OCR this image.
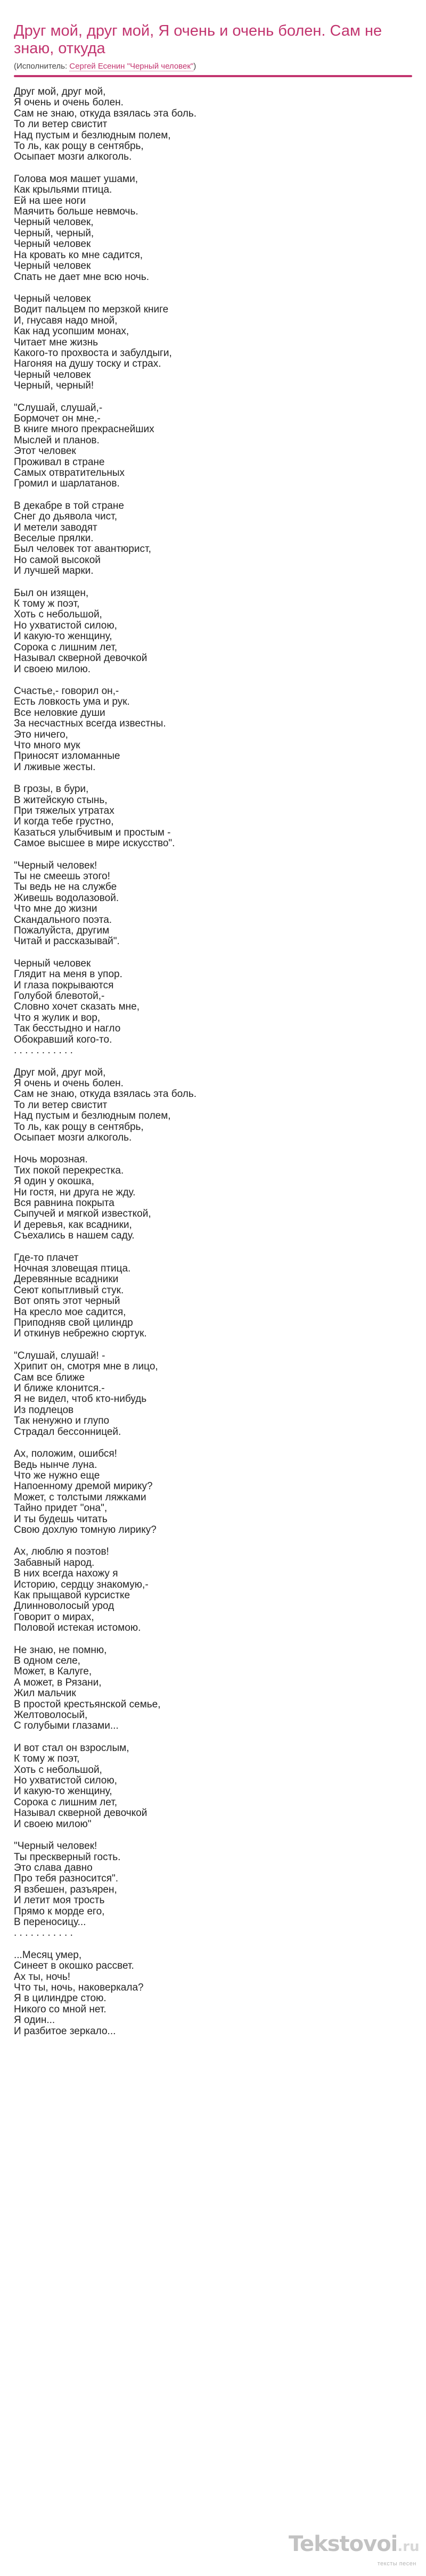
Друг мой, друг мой, Я очень и очень болен. Сам не знаю, откуда
(Исполнитель: Сергей Есенин "Черный человек")
Друг мой, друг мой,
Я очень и очень болен.
Сам не знаю, откуда взялась эта боль.
То ли ветер свистит
Над пустым и безлюдным полем,
То ль, как рощу в сентябрь,
Осыпает мозги алкоголь.
Голова моя машет ушами,
Как крыльями птица.
Ей на шее ноги
Маячить больше невмочь.
Черный человек,
Черный, черный,
Черный человек
На кровать ко мне садится,
Черный человек
Спать не дает мне всю ночь.
Черный человек
Водит пальцем по мерзкой книге
И, гнусавя надо мной,
Как над усопшим монах,
Читает мне жизнь
Какого-то прохвоста и забулдыги,
Нагоняя на душу тоску и страх.
Черный человек
Черный, черный!
"Слушай, слушай,-
Бормочет он мне,-
В книге много прекраснейших
Мыслей и планов.
Этот человек
Проживал в стране
Самых отвратительных
Громил и шарлатанов.
В декабре в той стране
Снег до дьявола чист,
И метели заводят
Веселые прялки.
Был человек тот авантюрист,
Но самой высокой
И лучшей марки.
Был он изящен,
К тому ж поэт,
Хоть с небольшой,
Но ухватистой силою,
И какую-то женщину,
Сорока с лишним лет,
Называл скверной девочкой
И своею милою.
Счастье,- говорил он,-
Есть ловкость ума и рук.
Все неловкие души
За несчастных всегда известны.
Это ничего,
Что много мук
Приносят изломанные
И лживые жесты.
В грозы, в бури,
В житейскую стынь,
При тяжелых утратах
И когда тебе грустно,
Казаться улыбчивым и простым -
Самое высшее в мире искусство".
"Черный человек!
Ты не смеешь этого!
Ты ведь не на службе
Живешь водолазовой.
Что мне до жизни
Скандального поэта.
Пожалуйста, другим
Читай и рассказывай".
Черный человек
Глядит на меня в упор.
И глаза покрываются
Голубой блевотой,-
Словно хочет сказать мне,
Что я жулик и вор,
Так бесстыдно и нагло
Обокравший кого-то.
. . . . . . . . . . .
Друг мой, друг мой,
Я очень и очень болен.
Сам не знаю, откуда взялась эта боль.
То ли ветер свистит
Над пустым и безлюдным полем,
То ль, как рощу в сентябрь,
Осыпает мозги алкоголь.
Ночь морозная.
Тих покой перекрестка.
Я один у окошка,
Ни гостя, ни друга не жду.
Вся равнина покрыта
Сыпучей и мягкой известкой,
И деревья, как всадники,
Съехались в нашем саду.
Где-то плачет
Ночная зловещая птица.
Деревянные всадники
Сеют копытливый стук.
Вот опять этот черный
На кресло мое садится,
Приподняв свой цилиндр
И откинув небрежно сюртук.
"Слушай, слушай! -
Хрипит он, смотря мне в лицо,
Сам все ближе
И ближе клонится.-
Я не видел, чтоб кто-нибудь
Из подлецов
Так ненужно и глупо
Страдал бессонницей.
Ах, положим, ошибся!
Ведь нынче луна.
Что же нужно еще
Напоенному дремой мирику?
Может, с толстыми ляжками
Тайно придет "она",
И ты будешь читать
Свою дохлую томную лирику?
Ах, люблю я поэтов!
Забавный народ.
В них всегда нахожу я
Историю, сердцу знакомую,-
Как прыщавой курсистке
Длинноволосый урод
Говорит о мирах,
Половой истекая истомою.
Не знаю, не помню,
В одном селе,
Может, в Калуге,
А может, в Рязани,
Жил мальчик
В простой крестьянской семье,
Желтоволосый,
С голубыми глазами...
И вот стал он взрослым,
К тому ж поэт,
Хоть с небольшой,
Но ухватистой силою,
И какую-то женщину,
Сорока с лишним лет,
Называл скверной девочкой
И своею милою"
"Черный человек!
Ты прескверный гость.
Это слава давно
Про тебя разносится".
Я взбешен, разъярен,
И летит моя трость
Прямо к морде его,
В переносицу...
. . . . . . . . . . .
...Месяц умер,
Синеет в окошко рассвет.
Ах ты, ночь!
Что ты, ночь, наковеркала?
Я в цилиндре стою.
Никого со мной нет.
Я один...
И разбитое зеркало...
Tekstovoi.ru
тексты песен
